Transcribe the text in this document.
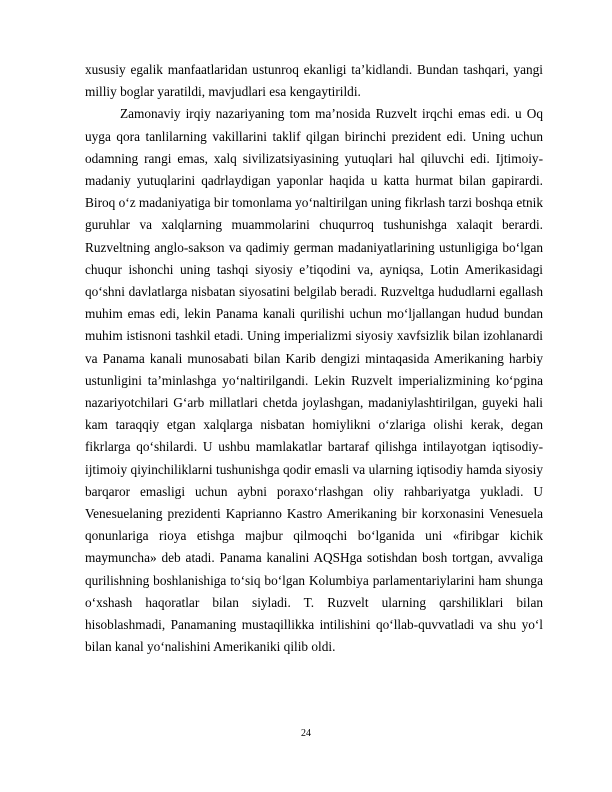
xususiy egalik manfaatlaridan ustunroq ekanligi ta’kidlandi. Bundan tashqari, yangi milliy boglar yaratildi, mavjudlari esa kengaytirildi.

Zamonaviy irqiy nazariyaning tom ma’nosida Ruzvelt irqchi emas edi. u Oq uyga qora tanlilarning vakillarini taklif qilgan birinchi prezident edi. Uning uchun odamning rangi emas, xalq sivilizatsiyasining yutuqlari hal qiluvchi edi. Ijtimoiy-madaniy yutuqlarini qadrlaydigan yaponlar haqida u katta hurmat bilan gapirardi. Biroq o‘z madaniyatiga bir tomonlama yo‘naltirilgan uning fikrlash tarzi boshqa etnik guruhlar va xalqlarning muammolarini chuqurroq tushunishga xalaqit berardi. Ruzveltning anglo-sakson va qadimiy german madaniyatlarining ustunligiga bo‘lgan chuqur ishonchi uning tashqi siyosiy e’tiqodini va, ayniqsa, Lotin Amerikasidagi qo‘shni davlatlarga nisbatan siyosatini belgilab beradi. Ruzveltga hududlarni egallash muhim emas edi, lekin Panama kanali qurilishi uchun mo‘ljallangan hudud bundan muhim istisnoni tashkil etadi. Uning imperializmi siyosiy xavfsizlik bilan izohlanardi va Panama kanali munosabati bilan Karib dengizi mintaqasida Amerikaning harbiy ustunligini ta’minlashga yo‘naltirilgandi. Lekin Ruzvelt imperializmining ko‘pgina nazariyotchilari G‘arb millatlari chetda joylashgan, madaniylashtirilgan, guyeki hali kam taraqqiy etgan xalqlarga nisbatan homiylikni o‘zlariga olishi kerak, degan fikrlarga qo‘shilardi. U ushbu mamlakatlar bartaraf qilishga intilayotgan iqtisodiy-ijtimoiy qiyinchiliklarni tushunishga qodir emasli va ularning iqtisodiy hamda siyosiy barqaror emasligi uchun aybni poraxo‘rlashgan oliy rahbariyatga yukladi. U Venesuelaning prezidenti Kaprianno Kastro Amerikaning bir korxonasini Venesuela qonunlariga rioya etishga majbur qilmoqchi bo‘lganida uni «firibgar kichik maymuncha» deb atadi. Panama kanalini AQSHga sotishdan bosh tortgan, avvaliga qurilishning boshlanishiga to‘siq bo‘lgan Kolumbiya parlamentariylarini ham shunga o‘xshash haqoratlar bilan siyladi. T. Ruzvelt ularning qarshiliklari bilan hisoblashmadi, Panamaning mustaqillikka intilishini qo‘llab-quvvatladi va shu yo‘l bilan kanal yo‘nalishini Amerikaniki qilib oldi.

24
